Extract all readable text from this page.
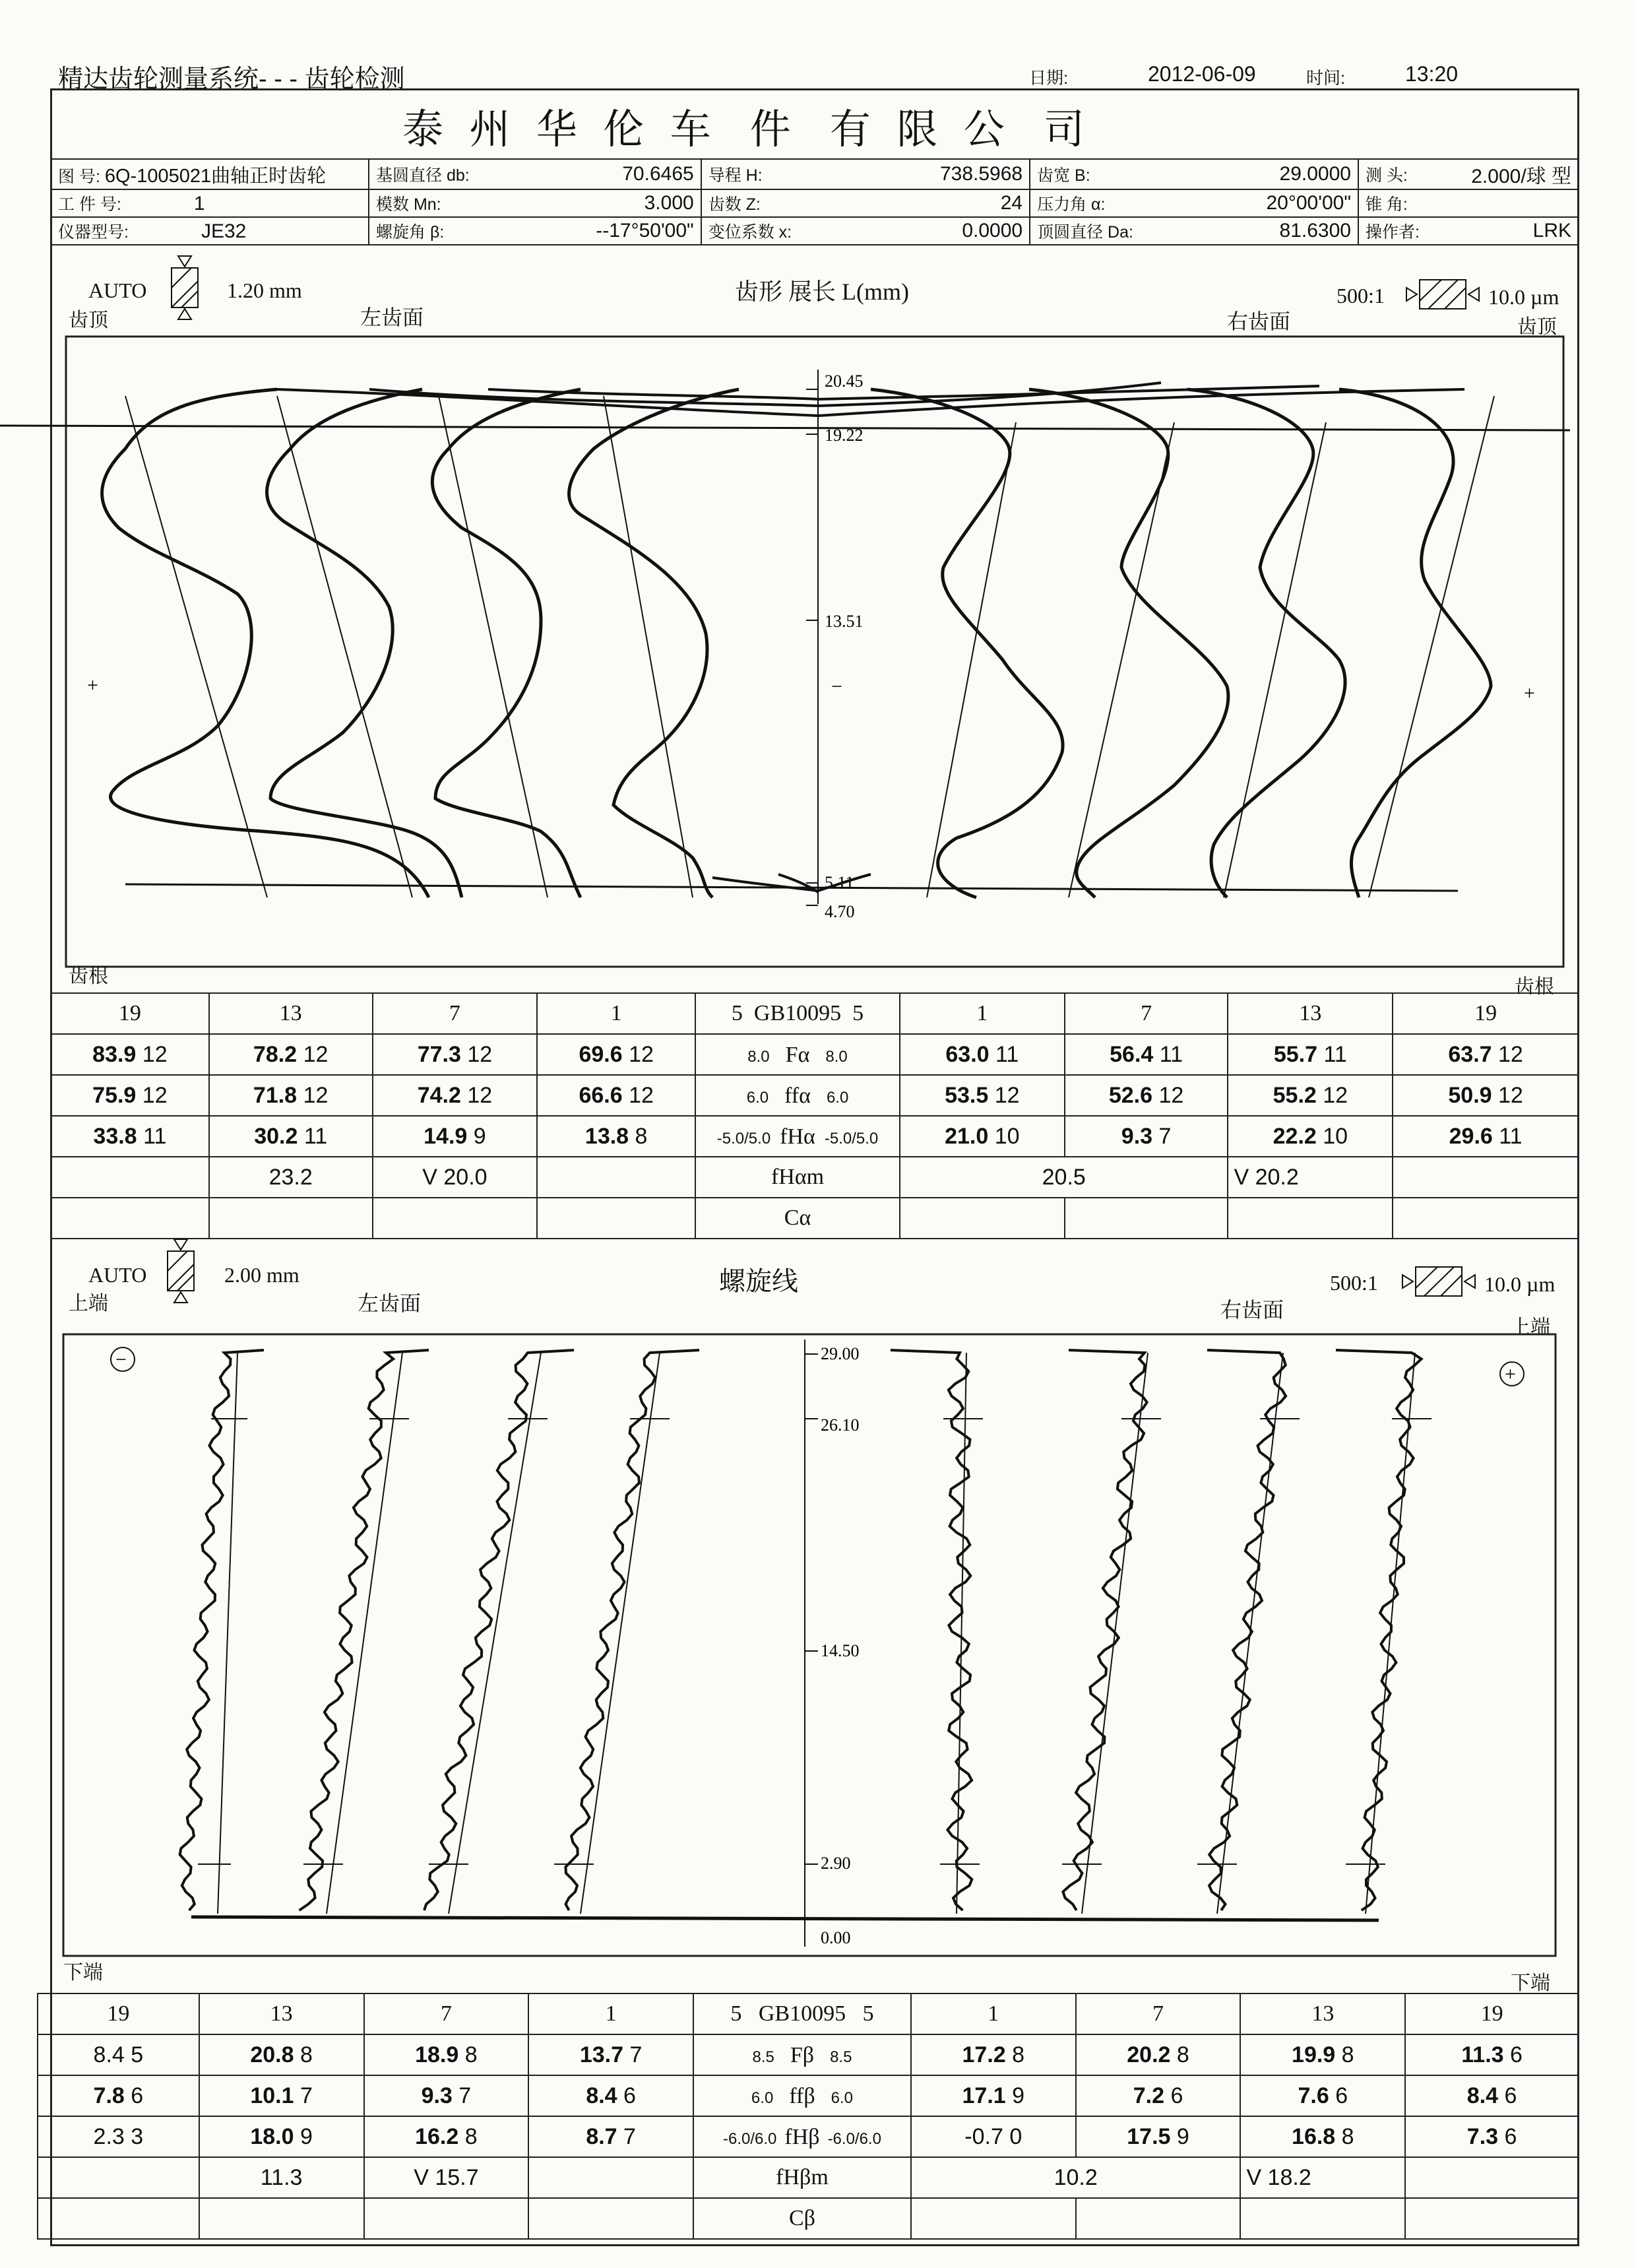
精达齿轮测量系统- - - 齿轮检测	日期:	2012-06-09	时间:	13:20
泰  州  华  伦  车   件   有  限  公   司
图 号: 6Q-1005021曲轴正时齿轮	基圆直径 db:	70.6465	导程 H:	738.5968	齿宽 B:	29.0000	测 头:	2.000/球 型
工 件 号: 1	模数 Mn:	3.000	齿数 Z:	24	压力角 α:	20°00'00"	锥 角:	
仪器型号: JE32	螺旋角 β:	--17°50'00"	变位系数 x:	0.0000	顶圆直径 Da:	81.6300	操作者:	LRK
AUTO	1.20 mm
齿顶	左齿面
齿形 展长 L(mm)
右齿面
500:1	10.0 µm
齿顶
20.45
19.22
13.51
5.11
4.70
+	−	+
齿根	齿根
19	13	7	1	5  GB10095  5	1	7	13	19
83.9 12	78.2 12	77.3 12	69.6 12	8.0 Fα 8.0	63.0 11	56.4 11	55.7 11	63.7 12
75.9 12	71.8 12	74.2 12	66.6 12	6.0 ffα 6.0	53.5 12	52.6 12	55.2 12	50.9 12
33.8 11	30.2 11	14.9 9	13.8 8	-5.0/5.0 fHα -5.0/5.0	21.0 10	9.3 7	22.2 10	29.6 11
	23.2	V 20.0		fHαm	20.5		V 20.2	
				Cα				
AUTO	2.00 mm
上端	左齿面
螺旋线
右齿面
500:1	10.0 µm
上端
−
+
29.00
26.10
14.50
2.90
0.00
下端	下端
19	13	7	1	5   GB10095   5	1	7	13	19
8.4 5	20.8 8	18.9 8	13.7 7	8.5 Fβ 8.5	17.2 8	20.2 8	19.9 8	11.3 6
7.8 6	10.1 7	9.3 7	8.4 6	6.0 ffβ 6.0	17.1 9	7.2 6	7.6 6	8.4 6
2.3 3	18.0 9	16.2 8	8.7 7	-6.0/6.0 fHβ -6.0/6.0	-0.7 0	17.5 9	16.8 8	7.3 6
	11.3	V 15.7		fHβm	10.2		V 18.2	
				Cβ				
